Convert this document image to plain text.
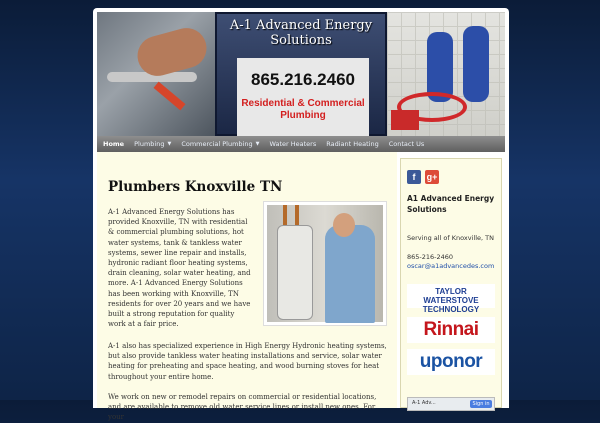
A-1 Advanced Energy
Solutions
865.216.2460
Residential & Commercial
Plumbing
Home Plumbing ▼ Commercial Plumbing ▼ Water Heaters Radiant Heating Contact Us
Plumbers Knoxville TN

A-1 Advanced Energy Solutions has provided Knoxville, TN with residential & commercial plumbing solutions, hot water systems, tank & tankless water systems, sewer line repair and installs, hydronic radiant floor heating systems, drain cleaning, solar water heating, and more. A-1 Advanced Energy Solutions has been working with Knoxville, TN residents for over 20 years and we have built a strong reputation for quality work at a fair price.

A-1 also has specialized experience in High Energy Hydronic heating systems, but also provide tankless water heating installations and service, solar water heating for preheating and space heating, and wood burning stoves for heat throughout your entire home.

We work on new or remodel repairs on commercial or residential locations, and are available to remove old water service lines or install new ones. For your

f	g+
A1 Advanced Energy Solutions
Serving all of Knoxville, TN
865-216-2460
oscar@a1advancedes.com
TAYLOR WATERSTOVE
TECHNOLOGY
Rinnai
uponor
A-1 Adv...	Sign in
